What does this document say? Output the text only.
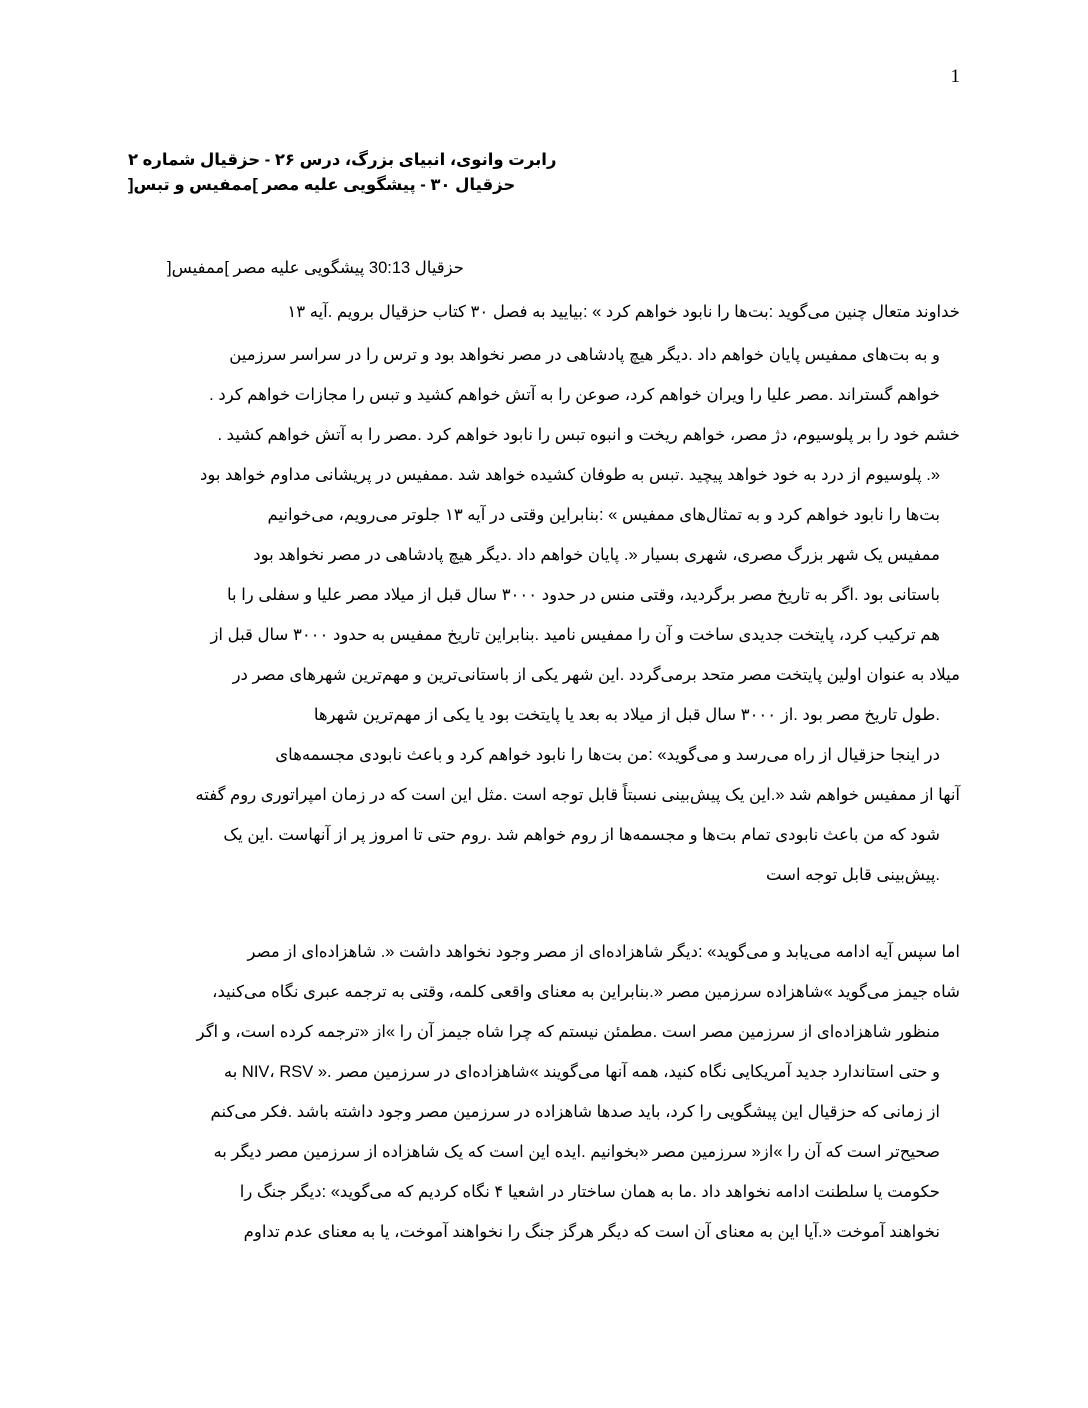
1
رابرت وانوی، انبیای بزرگ، درس ۲۶ - حزقیال شماره ۲
حزقیال ۳۰ - پیشگویی علیه مصر ]ممفیس و تبس[
حزقیال 30:13 پیشگویی علیه مصر ]ممفیس[
خداوند متعال چنین می‌گوید :بت‌ها را نابود خواهم کرد » :بیایید به فصل ۳۰ کتاب حزقیال برویم .آیه ۱۳
و به بت‌های ممفیس پایان خواهم داد .دیگر هیچ پادشاهی در مصر نخواهد بود و ترس را در سراسر سرزمین
خواهم گستراند .مصر علیا را ویران خواهم کرد، صوعن را به آتش خواهم کشید و تبس را مجازات خواهم کرد .
خشم خود را بر پلوسیوم، دژ مصر، خواهم ریخت و انبوه تبس را نابود خواهم کرد .مصر را به آتش خواهم کشید .
«. پلوسیوم از درد به خود خواهد پیچید .تبس به طوفان کشیده خواهد شد .ممفیس در پریشانی مداوم خواهد بود
بت‌ها را نابود خواهم کرد و به تمثال‌های ممفیس » :بنابراین وقتی در آیه ۱۳ جلوتر می‌رویم، می‌خوانیم
ممفیس یک شهر بزرگ مصری، شهری بسیار «. پایان خواهم داد .دیگر هیچ پادشاهی در مصر نخواهد بود
باستانی بود .اگر به تاریخ مصر برگردید، وقتی منس در حدود ۳۰۰۰ سال قبل از میلاد مصر علیا و سفلی را با
هم ترکیب کرد، پایتخت جدیدی ساخت و آن را ممفیس نامید .بنابراین تاریخ ممفیس به حدود ۳۰۰۰ سال قبل از
میلاد به عنوان اولین پایتخت مصر متحد برمی‌گردد .این شهر یکی از باستانی‌ترین و مهم‌ترین شهرهای مصر در
.طول تاریخ مصر بود .از ۳۰۰۰ سال قبل از میلاد به بعد یا پایتخت بود یا یکی از مهم‌ترین شهرها
در اینجا حزقیال از راه می‌رسد و می‌گوید» :من بت‌ها را نابود خواهم کرد و باعث نابودی مجسمه‌های
آنها از ممفیس خواهم شد «.این یک پیش‌بینی نسبتاً قابل توجه است .مثل این است که در زمان امپراتوری روم گفته
شود که من باعث نابودی تمام بت‌ها و مجسمه‌ها از روم خواهم شد .روم حتی تا امروز پر از آنهاست .این یک
.پیش‌بینی قابل توجه است
اما سپس آیه ادامه می‌یابد و می‌گوید» :دیگر شاهزاده‌ای از مصر وجود نخواهد داشت «. شاهزاده‌ای از مصر
شاه جیمز می‌گوید »شاهزاده سرزمین مصر «.بنابراین به معنای واقعی کلمه، وقتی به ترجمه عبری نگاه می‌کنید،
منظور شاهزاده‌ای از سرزمین مصر است .مطمئن نیستم که چرا شاه جیمز آن را »از «ترجمه کرده است، و اگر
و حتی استاندارد جدید آمریکایی نگاه کنید، همه آنها می‌گویند »شاهزاده‌ای در سرزمین مصر .« NIV، RSV به
از زمانی که حزقیال این پیشگویی را کرد، باید صدها شاهزاده در سرزمین مصر وجود داشته باشد .فکر می‌کنم
صحیح‌تر است که آن را »از« سرزمین مصر «بخوانیم .ایده این است که یک شاهزاده از سرزمین مصر دیگر به
حکومت یا سلطنت ادامه نخواهد داد .ما به همان ساختار در اشعیا ۴ نگاه کردیم که می‌گوید» :دیگر جنگ را
نخواهند آموخت «.آیا این به معنای آن است که دیگر هرگز جنگ را نخواهند آموخت، یا به معنای عدم تداوم
